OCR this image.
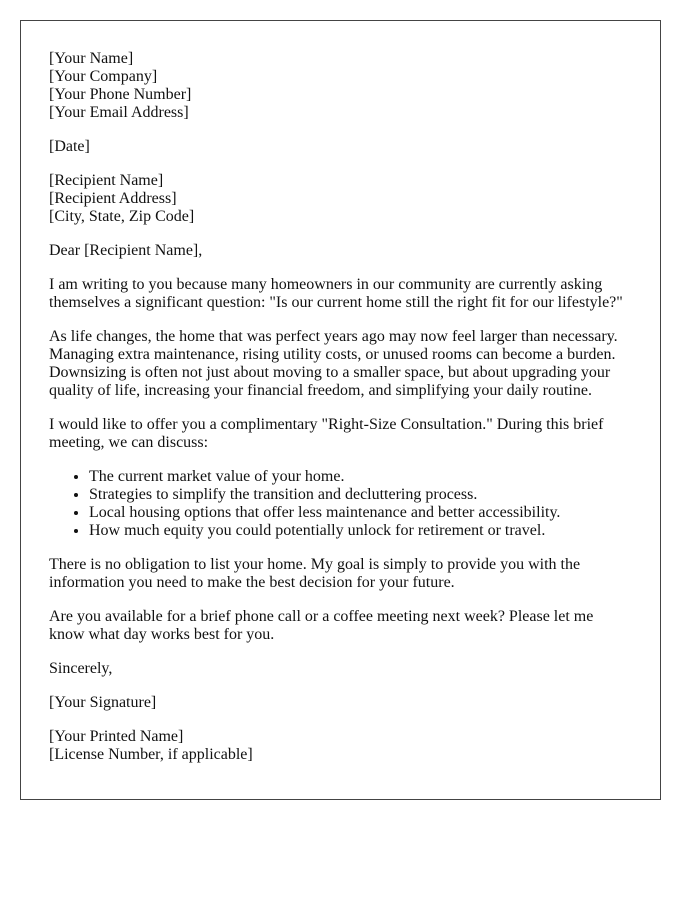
[Your Name]
[Your Company]
[Your Phone Number]
[Your Email Address]

[Date]

[Recipient Name]
[Recipient Address]
[City, State, Zip Code]

Dear [Recipient Name],

I am writing to you because many homeowners in our community are currently asking themselves a significant question: "Is our current home still the right fit for our lifestyle?"

As life changes, the home that was perfect years ago may now feel larger than necessary. Managing extra maintenance, rising utility costs, or unused rooms can become a burden. Downsizing is often not just about moving to a smaller space, but about upgrading your quality of life, increasing your financial freedom, and simplifying your daily routine.

I would like to offer you a complimentary "Right-Size Consultation." During this brief meeting, we can discuss:

• The current market value of your home.
• Strategies to simplify the transition and decluttering process.
• Local housing options that offer less maintenance and better accessibility.
• How much equity you could potentially unlock for retirement or travel.

There is no obligation to list your home. My goal is simply to provide you with the information you need to make the best decision for your future.

Are you available for a brief phone call or a coffee meeting next week? Please let me know what day works best for you.

Sincerely,

[Your Signature]

[Your Printed Name]
[License Number, if applicable]
